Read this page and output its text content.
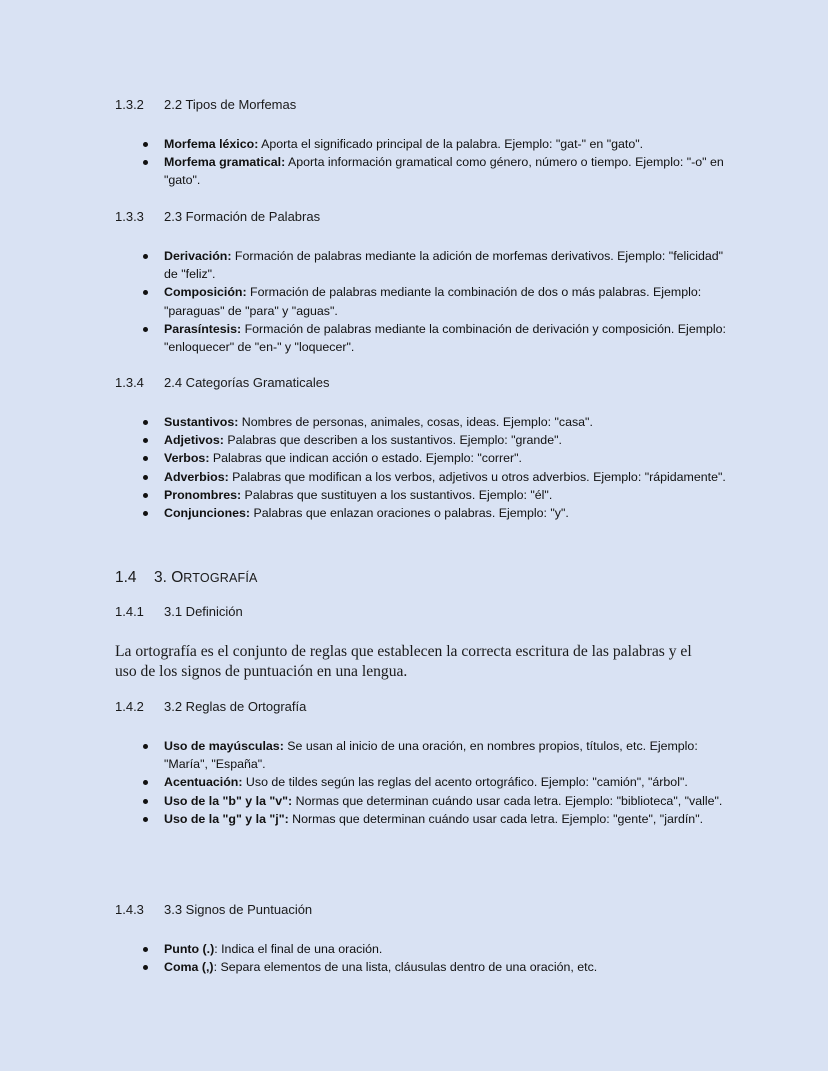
1.3.2 2.2 Tipos de Morfemas
Morfema léxico: Aporta el significado principal de la palabra. Ejemplo: "gat-" en "gato".
Morfema gramatical: Aporta información gramatical como género, número o tiempo. Ejemplo: "-o" en "gato".
1.3.3 2.3 Formación de Palabras
Derivación: Formación de palabras mediante la adición de morfemas derivativos. Ejemplo: "felicidad" de "feliz".
Composición: Formación de palabras mediante la combinación de dos o más palabras. Ejemplo: "paraguas" de "para" y "aguas".
Parasíntesis: Formación de palabras mediante la combinación de derivación y composición. Ejemplo: "enloquecer" de "en-" y "loquecer".
1.3.4 2.4 Categorías Gramaticales
Sustantivos: Nombres de personas, animales, cosas, ideas. Ejemplo: "casa".
Adjetivos: Palabras que describen a los sustantivos. Ejemplo: "grande".
Verbos: Palabras que indican acción o estado. Ejemplo: "correr".
Adverbios: Palabras que modifican a los verbos, adjetivos u otros adverbios. Ejemplo: "rápidamente".
Pronombres: Palabras que sustituyen a los sustantivos. Ejemplo: "él".
Conjunciones: Palabras que enlazan oraciones o palabras. Ejemplo: "y".
1.4 3. ORTOGRAFÍA
1.4.1 3.1 Definición
La ortografía es el conjunto de reglas que establecen la correcta escritura de las palabras y el uso de los signos de puntuación en una lengua.
1.4.2 3.2 Reglas de Ortografía
Uso de mayúsculas: Se usan al inicio de una oración, en nombres propios, títulos, etc. Ejemplo: "María", "España".
Acentuación: Uso de tildes según las reglas del acento ortográfico. Ejemplo: "camión", "árbol".
Uso de la "b" y la "v": Normas que determinan cuándo usar cada letra. Ejemplo: "biblioteca", "valle".
Uso de la "g" y la "j": Normas que determinan cuándo usar cada letra. Ejemplo: "gente", "jardín".
1.4.3 3.3 Signos de Puntuación
Punto (.): Indica el final de una oración.
Coma (,): Separa elementos de una lista, cláusulas dentro de una oración, etc.
